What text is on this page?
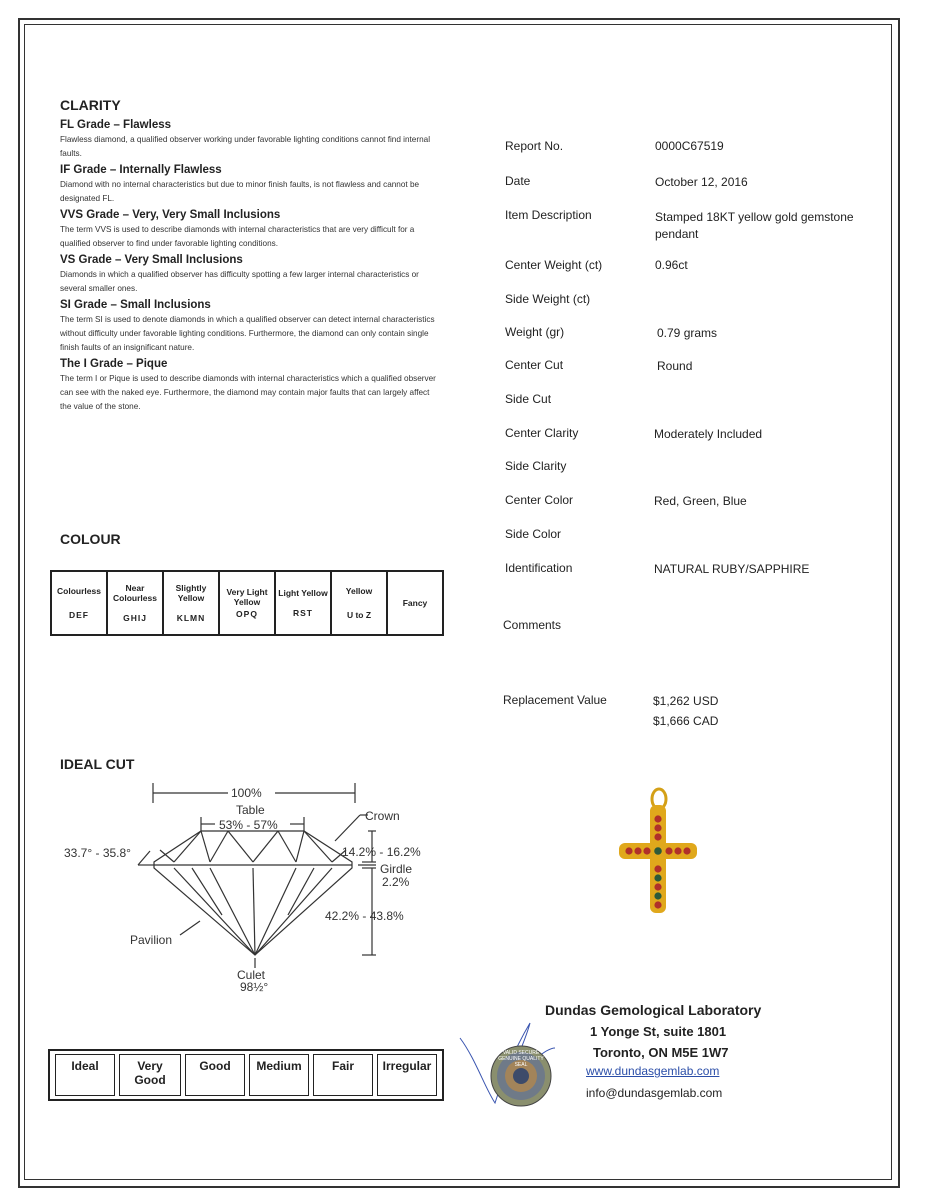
CLARITY
FL Grade – Flawless
Flawless diamond, a qualified observer working under favorable lighting conditions cannot find internal faults.
IF Grade – Internally Flawless
Diamond with no internal characteristics but due to minor finish faults, is not flawless and cannot be designated FL.
VVS Grade – Very, Very Small Inclusions
The term VVS is used to describe diamonds with internal characteristics that are very difficult for a qualified observer to find under favorable lighting conditions.
VS Grade – Very Small Inclusions
Diamonds in which a qualified observer has difficulty spotting a few larger internal characteristics or several smaller ones.
SI Grade – Small Inclusions
The term SI is used to denote diamonds in which a qualified observer can detect internal characteristics without difficulty under favorable lighting conditions. Furthermore, the diamond can only contain single finish faults of an insignificant nature.
The I Grade – Pique
The term I or Pique is used to describe diamonds with internal characteristics which a qualified observer can see with the naked eye. Furthermore, the diamond may contain major faults that can largely affect the value of the stone.
COLOUR
Colourless
DEF

Near Colourless
GHIJ

Slightly Yellow
KLMN

Very Light Yellow
OPQ

Light Yellow
RST

Yellow
U to Z

Fancy
IDEAL CUT
100%
Table
53% - 57%
Crown
33.7° - 35.8°	14.2% - 16.2%
Girdle
2.2%
42.2% - 43.8%
Pavilion
Culet
98½°
Ideal	Very Good
Good	Medium	Fair	Irregular
Report No.	0000C67519
Date	October 12, 2016
Item Description	Stamped 18KT yellow gold gemstone pendant
Center Weight (ct)	0.96ct
Side Weight (ct)
Weight (gr)	0.79 grams
Center Cut	Round
Side Cut
Center Clarity	Moderately Included
Side Clarity
Center Color	Red, Green, Blue
Side Color
Identification	NATURAL RUBY/SAPPHIRE
Comments
Replacement Value	$1,262 USD
$1,666 CAD
Dundas Gemological Laboratory
1 Yonge St, suite 1801
Toronto, ON M5E 1W7
www.dundasgemlab.com
info@dundasgemlab.com
VALID SECURE GENUINE QUALITY SEAL
